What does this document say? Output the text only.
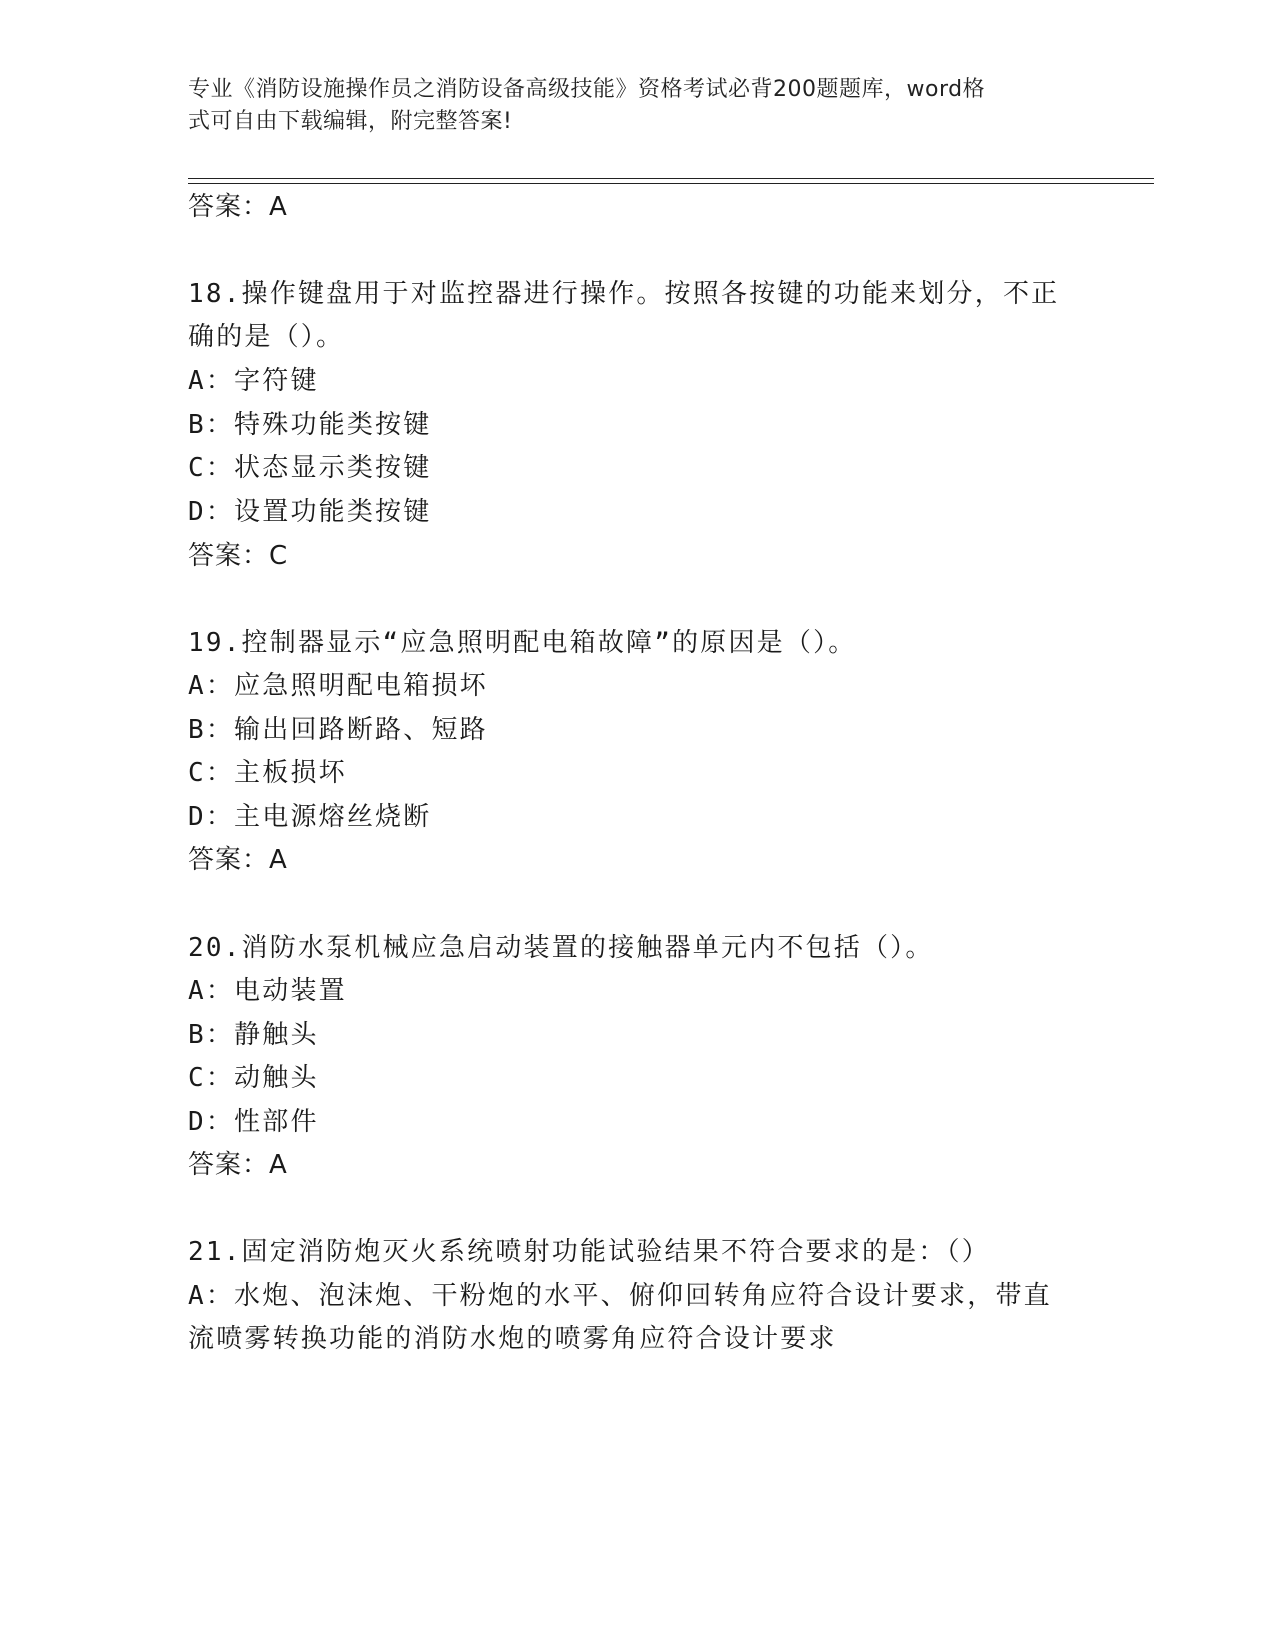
专业《消防设施操作员之消防设备高级技能》资格考试必背200题题库，word格
式可自由下载编辑，附完整答案!
答案：A
18.操作键盘用于对监控器进行操作。按照各按键的功能来划分，不正
确的是（）。
A：字符键
B：特殊功能类按键
C：状态显示类按键
D：设置功能类按键
答案：C
19.控制器显示“应急照明配电箱故障”的原因是（）。
A：应急照明配电箱损坏
B：输出回路断路、短路
C：主板损坏
D：主电源熔丝烧断
答案：A
20.消防水泵机械应急启动装置的接触器单元内不包括（）。
A：电动装置
B：静触头
C：动触头
D：性部件
答案：A
21.固定消防炮灭火系统喷射功能试验结果不符合要求的是：（）
A：水炮、泡沫炮、干粉炮的水平、俯仰回转角应符合设计要求，带直
流喷雾转换功能的消防水炮的喷雾角应符合设计要求
